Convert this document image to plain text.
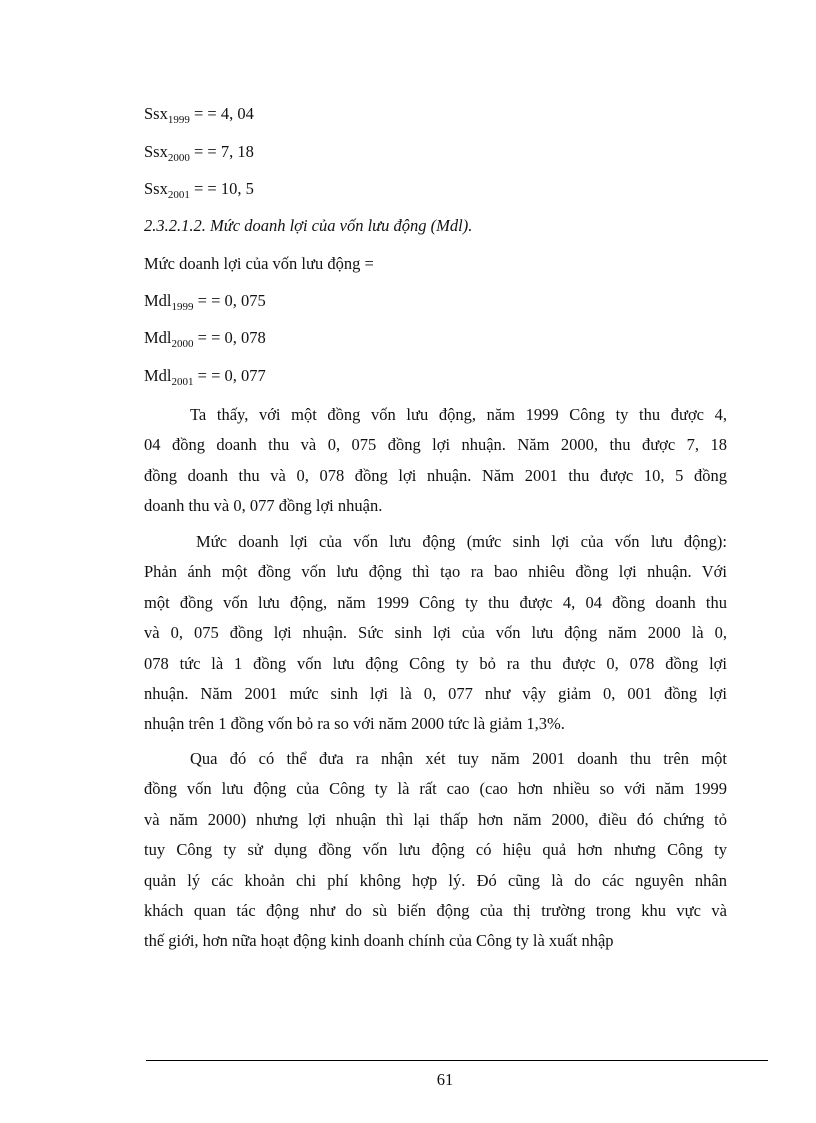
Ssx$_{1999}$ = = 4, 04
Ssx$_{2000}$ = = 7, 18
Ssx$_{2001}$ = = 10, 5
2.3.2.1.2. Mức doanh lợi của vốn lưu động (Mdl).
Mức doanh lợi của vốn lưu động =
Mdl$_{1999}$ = = 0, 075
Mdl$_{2000}$ = = 0, 078
Mdl$_{2001}$ = = 0, 077
Ta thấy, với một đồng vốn lưu động, năm 1999 Công ty thu được 4,
04 đồng doanh thu và 0, 075 đồng lợi nhuận. Năm 2000, thu được 7, 18
đồng doanh thu và 0, 078 đồng lợi nhuận. Năm 2001 thu được 10, 5 đồng
doanh thu và 0, 077 đồng lợi nhuận.
Mức doanh lợi của vốn lưu động (mức sinh lợi của vốn lưu động):
Phản ánh một đồng vốn lưu động thì tạo ra bao nhiêu đồng lợi nhuận. Với
một đồng vốn lưu động, năm 1999 Công ty thu được 4, 04 đồng doanh thu
và 0, 075 đồng lợi nhuận. Sức sinh lợi của vốn lưu động năm 2000 là 0,
078 tức là 1 đồng vốn lưu động Công ty bỏ ra thu được 0, 078 đồng lợi
nhuận. Năm 2001 mức sinh lợi là 0, 077 như vậy giảm 0, 001 đồng lợi
nhuận trên 1 đồng vốn bỏ ra so với năm 2000 tức là giảm 1,3%.
Qua đó có thể đưa ra nhận xét tuy năm 2001 doanh thu trên một
đồng vốn lưu động của Công ty là rất cao (cao hơn nhiều so với năm 1999
và năm 2000) nhưng lợi nhuận thì lại thấp hơn năm 2000, điều đó chứng tỏ
tuy Công ty sử dụng đồng vốn lưu động có hiệu quả hơn nhưng Công ty
quản lý các khoản chi phí không hợp lý. Đó cũng là do các nguyên nhân
khách quan tác động như do sù biến động của thị trường trong khu vực và
thế giới, hơn nữa hoạt động kinh doanh chính của Công ty là xuất nhập
61
